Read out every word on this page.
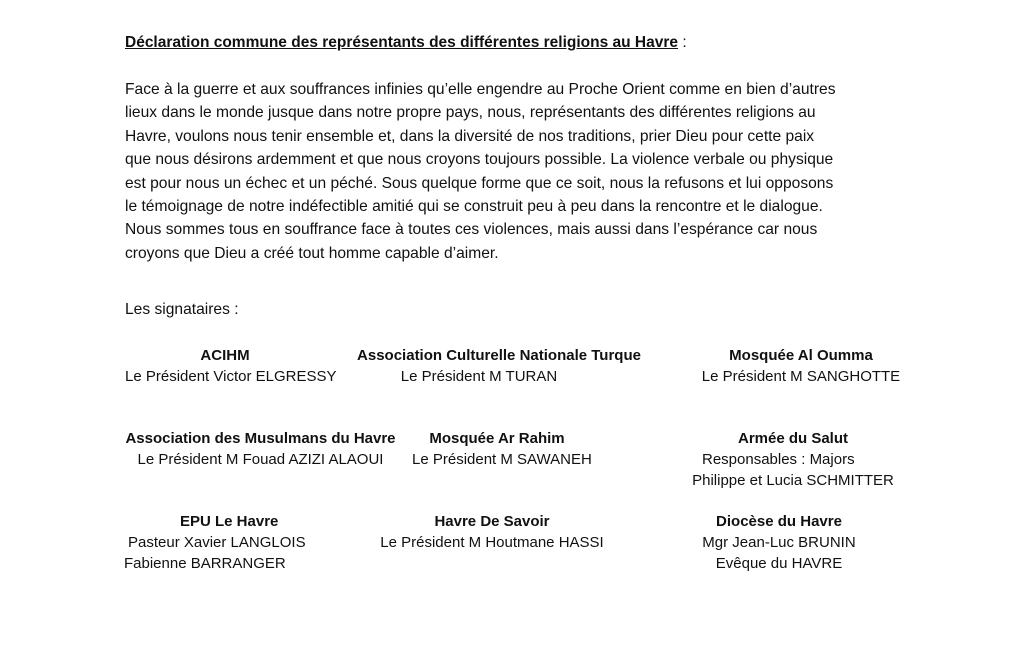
Déclaration commune des représentants des différentes religions au Havre :
Face à la guerre et aux souffrances infinies qu’elle engendre au Proche Orient comme en bien d’autres
lieux dans le monde jusque dans notre propre pays, nous, représentants des différentes religions au
Havre, voulons nous tenir ensemble et, dans la diversité de nos traditions, prier Dieu pour cette paix
que nous désirons ardemment et que nous croyons toujours possible. La violence verbale ou physique
est pour nous un échec et un péché. Sous quelque forme que ce soit, nous la refusons et lui opposons
le témoignage de notre indéfectible amitié qui se construit peu à peu dans la rencontre et le dialogue.
Nous sommes tous en souffrance face à toutes ces violences, mais aussi dans l’espérance car nous
croyons que Dieu a créé tout homme capable d’aimer.
Les signataires :
ACIHM
Le Président Victor ELGRESSY
Association Culturelle Nationale Turque
Le Président M TURAN
Mosquée Al Oumma
Le Président M SANGHOTTE
Association des Musulmans du Havre
Le Président M Fouad AZIZI ALAOUI
Mosquée Ar Rahim
Le Président M SAWANEH
Armée du Salut
Responsables : Majors
Philippe et Lucia SCHMITTER
EPU Le Havre
Pasteur Xavier LANGLOIS
Fabienne BARRANGER
Havre De Savoir
Le Président M Houtmane HASSI
Diocèse du Havre
Mgr Jean-Luc BRUNIN
Evêque du HAVRE
